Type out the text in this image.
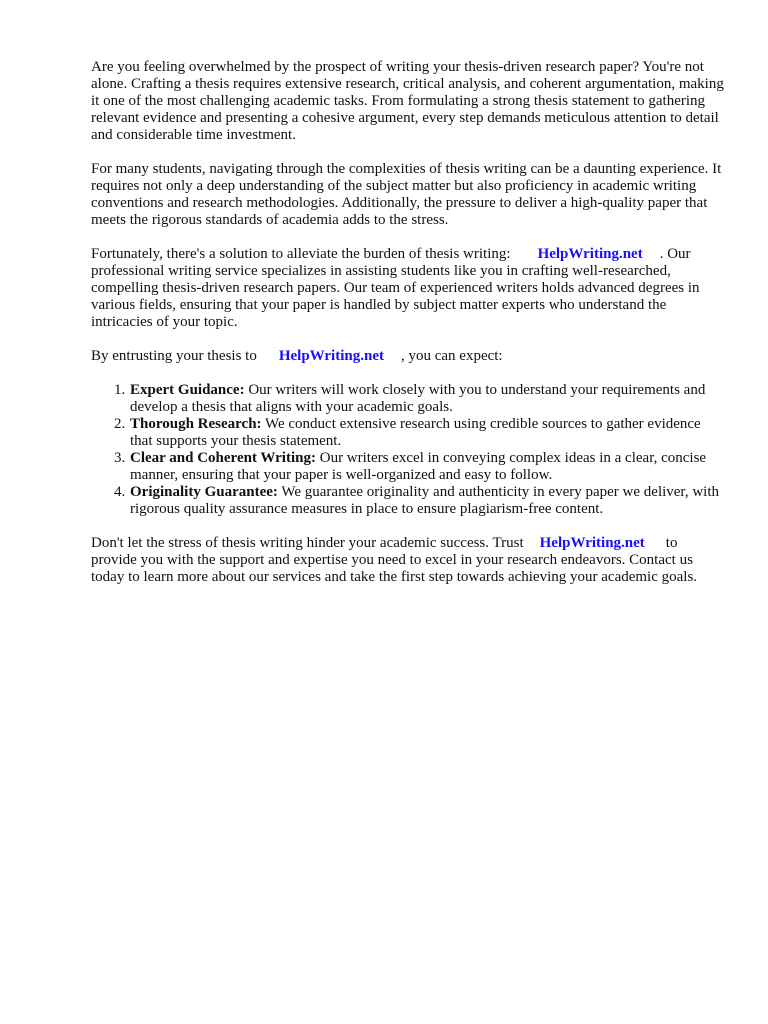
Are you feeling overwhelmed by the prospect of writing your thesis-driven research paper? You're not alone. Crafting a thesis requires extensive research, critical analysis, and coherent argumentation, making it one of the most challenging academic tasks. From formulating a strong thesis statement to gathering relevant evidence and presenting a cohesive argument, every step demands meticulous attention to detail and considerable time investment.

For many students, navigating through the complexities of thesis writing can be a daunting experience. It requires not only a deep understanding of the subject matter but also proficiency in academic writing conventions and research methodologies. Additionally, the pressure to deliver a high-quality paper that meets the rigorous standards of academia adds to the stress.

Fortunately, there's a solution to alleviate the burden of thesis writing: HelpWriting.net . Our professional writing service specializes in assisting students like you in crafting well-researched, compelling thesis-driven research papers. Our team of experienced writers holds advanced degrees in various fields, ensuring that your paper is handled by subject matter experts who understand the intricacies of your topic.

By entrusting your thesis to HelpWriting.net , you can expect:

1. Expert Guidance: Our writers will work closely with you to understand your requirements and develop a thesis that aligns with your academic goals.
2. Thorough Research: We conduct extensive research using credible sources to gather evidence that supports your thesis statement.
3. Clear and Coherent Writing: Our writers excel in conveying complex ideas in a clear, concise manner, ensuring that your paper is well-organized and easy to follow.
4. Originality Guarantee: We guarantee originality and authenticity in every paper we deliver, with rigorous quality assurance measures in place to ensure plagiarism-free content.

Don't let the stress of thesis writing hinder your academic success. Trust HelpWriting.net to provide you with the support and expertise you need to excel in your research endeavors. Contact us today to learn more about our services and take the first step towards achieving your academic goals.
